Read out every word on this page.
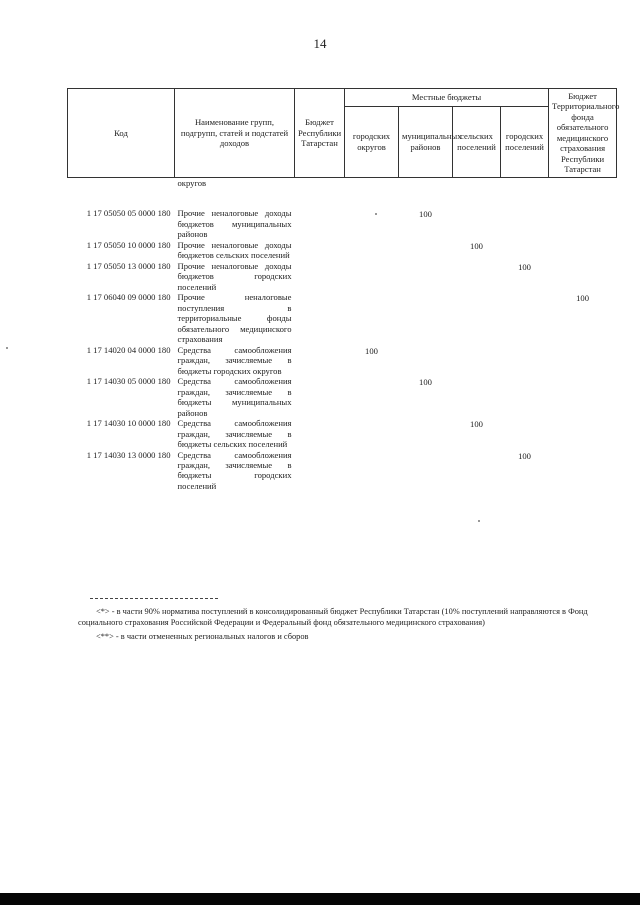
14
Код	Наименование групп, подгрупп, статей и подстатей доходов	Бюджет Республики Татарстан	Местные бюджеты				Бюджет Территориального фонда обязательного медицинского страхования Республики Татарстан
			городских округов	муниципальных районов	сельских поселений	городских поселений	
	округов						

1 17 05050 05 0000 180	Прочие неналоговые доходы бюджетов муниципальных районов			100			
1 17 05050 10 0000 180	Прочие неналоговые доходы бюджетов сельских поселений				100		
1 17 05050 13 0000 180	Прочие неналоговые доходы бюджетов городских поселений					100	
1 17 06040 09 0000 180	Прочие неналоговые поступления в территориальные фонды обязательного медицинского страхования						100
1 17 14020 04 0000 180	Средства самообложения граждан, зачисляемые в бюджеты городских округов		100				
1 17 14030 05 0000 180	Средства самообложения граждан, зачисляемые в бюджеты муниципальных районов			100			
1 17 14030 10 0000 180	Средства самообложения граждан, зачисляемые в бюджеты сельских поселений				100		
1 17 14030 13 0000 180	Средства самообложения граждан, зачисляемые в бюджеты городских поселений					100	

<*> - в части 90% норматива поступлений в консолидированный бюджет Республики Татарстан (10% поступлений направляются в Фонд социального страхования Российской Федерации и Федеральный фонд обязательного медицинского страхования)

<**> - в части отмененных региональных налогов и сборов
